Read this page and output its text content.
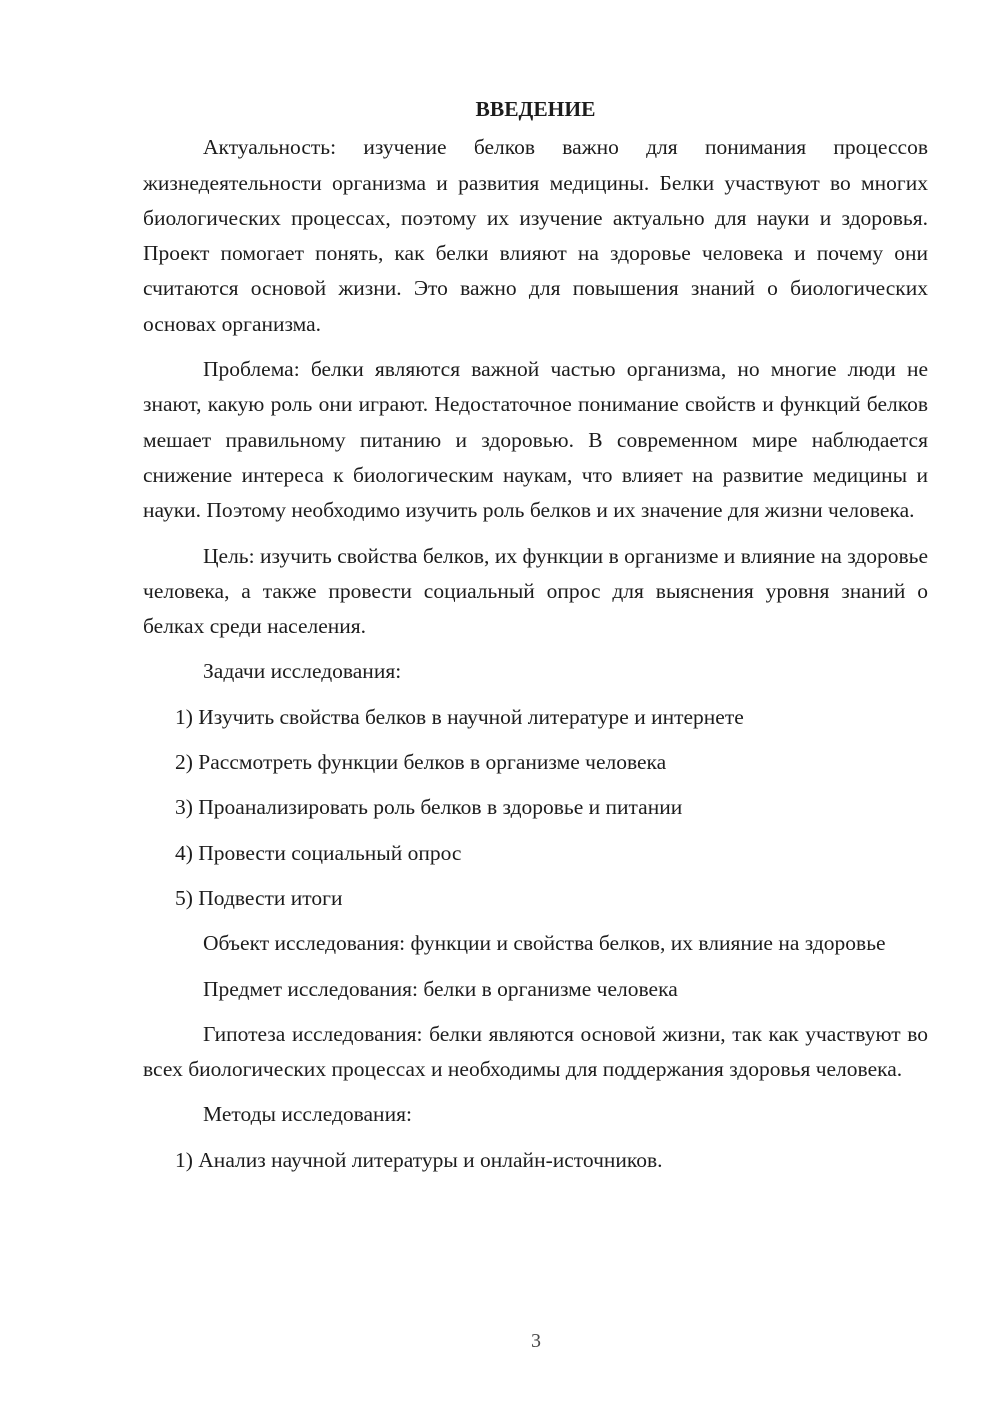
ВВЕДЕНИЕ

Актуальность: изучение белков важно для понимания процессов жизнедеятельности организма и развития медицины. Белки участвуют во многих биологических процессах, поэтому их изучение актуально для науки и здоровья. Проект помогает понять, как белки влияют на здоровье человека и почему они считаются основой жизни. Это важно для повышения знаний о биологических основах организма.

Проблема: белки являются важной частью организма, но многие люди не знают, какую роль они играют. Недостаточное понимание свойств и функций белков мешает правильному питанию и здоровью. В современном мире наблюдается снижение интереса к биологическим наукам, что влияет на развитие медицины и науки. Поэтому необходимо изучить роль белков и их значение для жизни человека.

Цель: изучить свойства белков, их функции в организме и влияние на здоровье человека, а также провести социальный опрос для выяснения уровня знаний о белках среди населения.

Задачи исследования:

1) Изучить свойства белков в научной литературе и интернете
2) Рассмотреть функции белков в организме человека
3) Проанализировать роль белков в здоровье и питании
4) Провести социальный опрос
5) Подвести итоги

Объект исследования: функции и свойства белков, их влияние на здоровье

Предмет исследования: белки в организме человека

Гипотеза исследования: белки являются основой жизни, так как участвуют во всех биологических процессах и необходимы для поддержания здоровья человека.

Методы исследования:

1) Анализ научной литературы и онлайн-источников.
3
